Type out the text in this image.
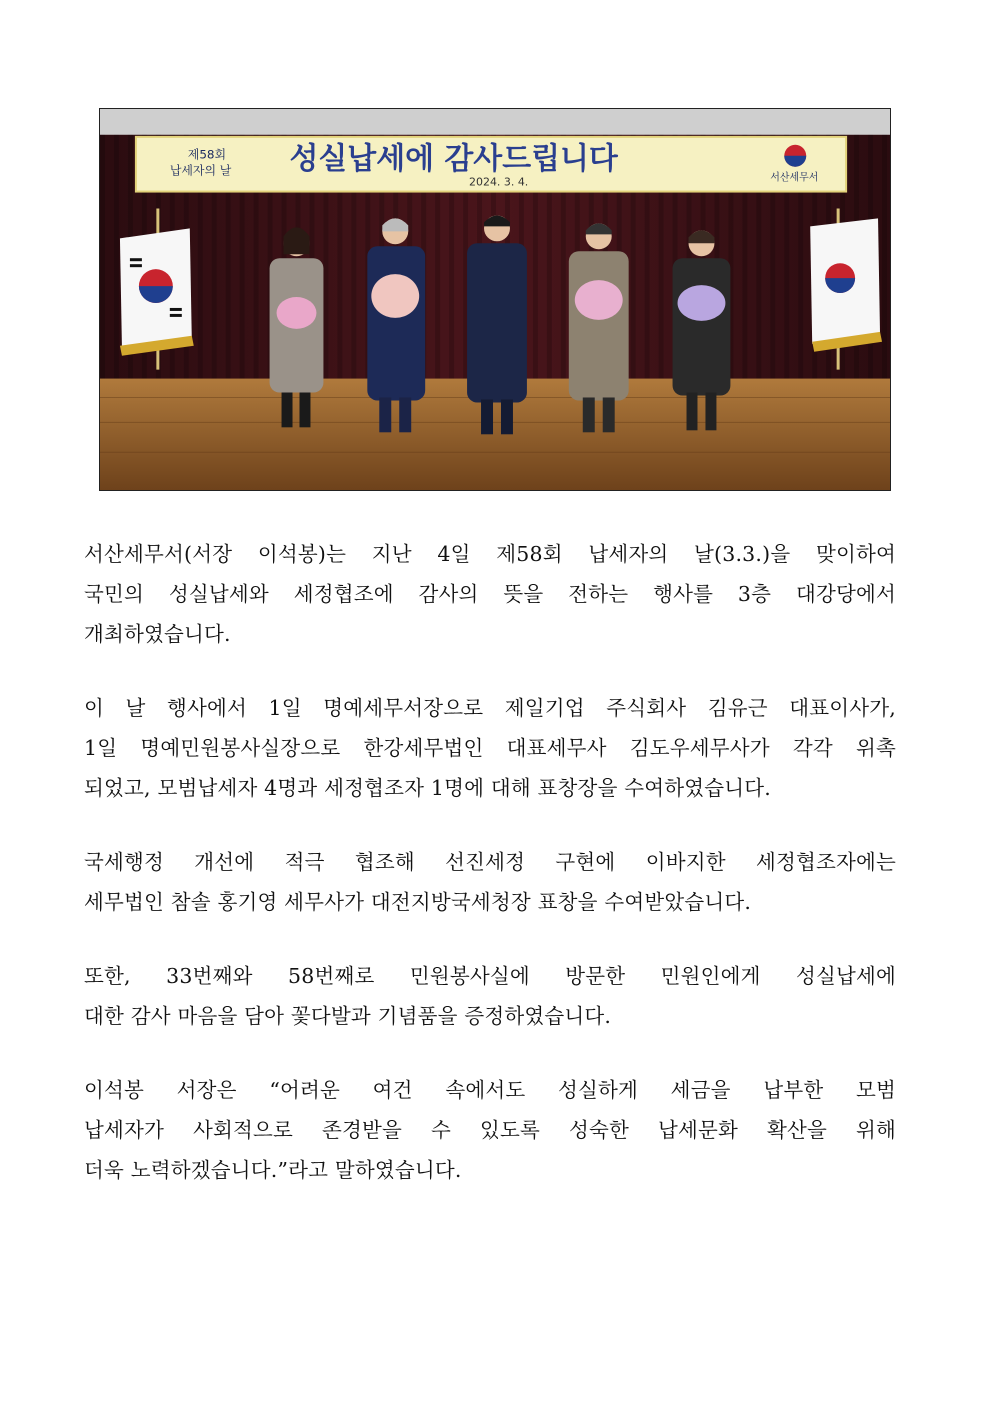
제58회
납세자의 날 성실납세에 감사드립니다
2024. 3. 4.	서산세무서

서산세무서(서장 이석봉)는 지난 4일 제58회 납세자의 날(3.3.)을 맞이하여
국민의 성실납세와 세정협조에 감사의 뜻을 전하는 행사를 3층 대강당에서
개최하였습니다.

이 날 행사에서 1일 명예세무서장으로 제일기업 주식회사 김유근 대표이사가,
1일 명예민원봉사실장으로 한강세무법인 대표세무사 김도우세무사가 각각 위촉
되었고, 모범납세자 4명과 세정협조자 1명에 대해 표창장을 수여하였습니다.

국세행정 개선에 적극 협조해 선진세정 구현에 이바지한 세정협조자에는
세무법인 참솔 홍기영 세무사가 대전지방국세청장 표창을 수여받았습니다.

또한, 33번째와 58번째로 민원봉사실에 방문한 민원인에게 성실납세에
대한 감사 마음을 담아 꽃다발과 기념품을 증정하였습니다.

이석봉 서장은 “어려운 여건 속에서도 성실하게 세금을 납부한 모범
납세자가 사회적으로 존경받을 수 있도록 성숙한 납세문화 확산을 위해
더욱 노력하겠습니다.”라고 말하였습니다.
